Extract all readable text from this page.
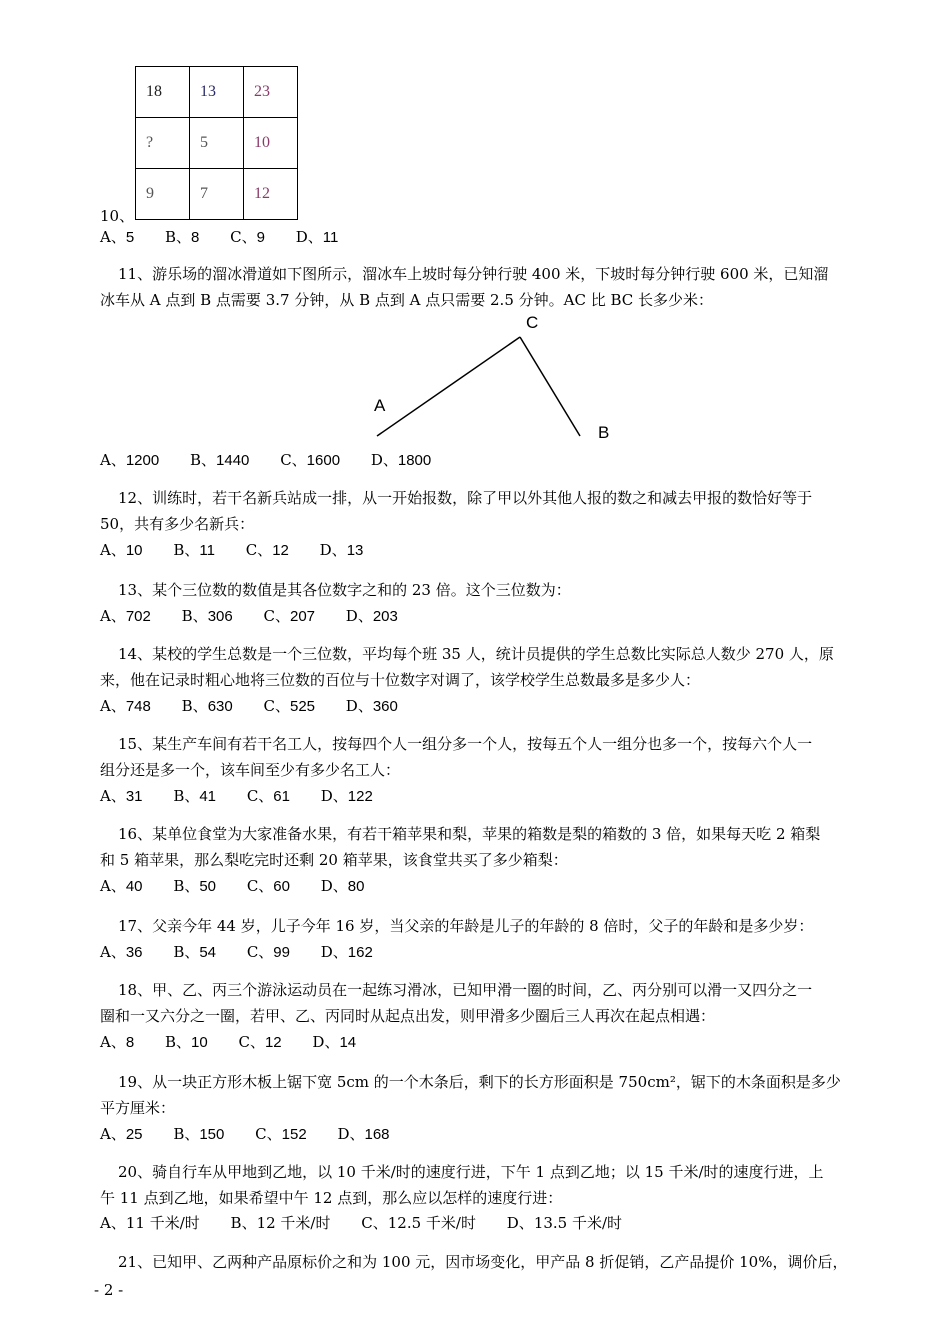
18	13	23

?	5	10

9	7	12
10、
A、5 B、8 C、9 D、11
11、游乐场的溜冰滑道如下图所示，溜冰车上坡时每分钟行驶 400 米，下坡时每分钟行驶 600 米，已知溜
冰车从 A 点到 B 点需要 3.7 分钟，从 B 点到 A 点只需要 2.5 分钟。AC 比 BC 长多少米：
C
A
B
A、1200 B、1440 C、1600 D、1800
12、训练时，若干名新兵站成一排，从一开始报数，除了甲以外其他人报的数之和减去甲报的数恰好等于
50，共有多少名新兵：
A、10 B、11 C、12 D、13
13、某个三位数的数值是其各位数字之和的 23 倍。这个三位数为：
A、702 B、306 C、207 D、203
14、某校的学生总数是一个三位数，平均每个班 35 人，统计员提供的学生总数比实际总人数少 270 人，原
来，他在记录时粗心地将三位数的百位与十位数字对调了，该学校学生总数最多是多少人：
A、748 B、630 C、525 D、360
15、某生产车间有若干名工人，按每四个人一组分多一个人，按每五个人一组分也多一个，按每六个人一
组分还是多一个，该车间至少有多少名工人：
A、31 B、41 C、61 D、122
16、某单位食堂为大家准备水果，有若干箱苹果和梨，苹果的箱数是梨的箱数的 3 倍，如果每天吃 2 箱梨
和 5 箱苹果，那么梨吃完时还剩 20 箱苹果，该食堂共买了多少箱梨：
A、40 B、50 C、60 D、80
17、父亲今年 44 岁，儿子今年 16 岁，当父亲的年龄是儿子的年龄的 8 倍时，父子的年龄和是多少岁：
A、36 B、54 C、99 D、162
18、甲、乙、丙三个游泳运动员在一起练习滑冰，已知甲滑一圈的时间，乙、丙分别可以滑一又四分之一
圈和一又六分之一圈，若甲、乙、丙同时从起点出发，则甲滑多少圈后三人再次在起点相遇：
A、8 B、10 C、12 D、14
19、从一块正方形木板上锯下宽 5cm 的一个木条后，剩下的长方形面积是 750cm²，锯下的木条面积是多少
平方厘米：
A、25 B、150 C、152 D、168
20、骑自行车从甲地到乙地，以 10 千米/时的速度行进，下午 1 点到乙地；以 15 千米/时的速度行进，上
午 11 点到乙地，如果希望中午 12 点到，那么应以怎样的速度行进：
A、11 千米/时 B、12 千米/时 C、12.5 千米/时 D、13.5 千米/时
21、已知甲、乙两种产品原标价之和为 100 元，因市场变化，甲产品 8 折促销，乙产品提价 10%，调价后，
- 2 -
